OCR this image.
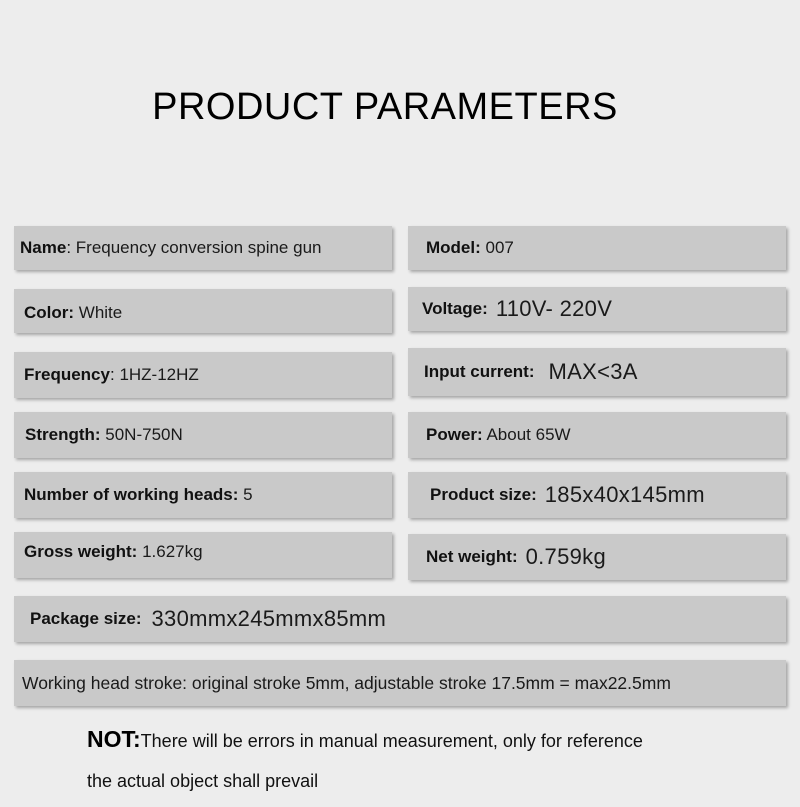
PRODUCT PARAMETERS
Name : Frequency conversion spine gun
Color: White
Frequency : 1HZ-12HZ
Strength: 50N-750N
Number of working heads: 5
Gross weight: 1.627kg
Model: 007
Voltage: 110V- 220V
Input current: MAX<3A
Power: About 65W
Product size: 185x40x145mm
Net weight: 0.759kg
Package size: 330mmx245mmx85mm
Working head stroke: original stroke 5mm, adjustable stroke 17.5mm = max22.5mm
NOT:There will be errors in manual measurement, only for reference
the actual object shall prevail
